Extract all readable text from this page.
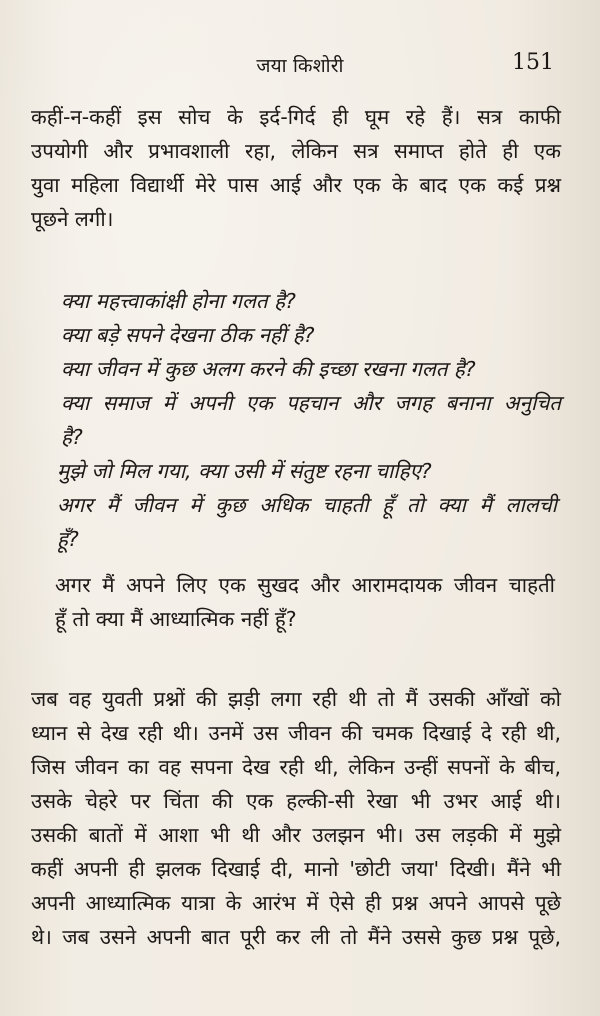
जया किशोरी	151
कहीं-न-कहीं इस सोच के इर्द-गिर्द ही घूम रहे हैं। सत्र काफी
उपयोगी और प्रभावशाली रहा, लेकिन सत्र समाप्त होते ही एक
युवा महिला विद्यार्थी मेरे पास आई और एक के बाद एक कई प्रश्न
पूछने लगी।
क्या महत्त्वाकांक्षी होना गलत है?
क्या बड़े सपने देखना ठीक नहीं है?
क्या जीवन में कुछ अलग करने की इच्छा रखना गलत है?
क्या समाज में अपनी एक पहचान और जगह बनाना अनुचित
है?
मुझे जो मिल गया, क्या उसी में संतुष्ट रहना चाहिए?
अगर मैं जीवन में कुछ अधिक चाहती हूँ तो क्या मैं लालची
हूँ?
अगर मैं अपने लिए एक सुखद और आरामदायक जीवन चाहती
हूँ तो क्या मैं आध्यात्मिक नहीं हूँ?
जब वह युवती प्रश्नों की झड़ी लगा रही थी तो मैं उसकी आँखों को
ध्यान से देख रही थी। उनमें उस जीवन की चमक दिखाई दे रही थी,
जिस जीवन का वह सपना देख रही थी, लेकिन उन्हीं सपनों के बीच,
उसके चेहरे पर चिंता की एक हल्की-सी रेखा भी उभर आई थी।
उसकी बातों में आशा भी थी और उलझन भी। उस लड़की में मुझे
कहीं अपनी ही झलक दिखाई दी, मानो 'छोटी जया' दिखी। मैंने भी
अपनी आध्यात्मिक यात्रा के आरंभ में ऐसे ही प्रश्न अपने आपसे पूछे
थे। जब उसने अपनी बात पूरी कर ली तो मैंने उससे कुछ प्रश्न पूछे,
